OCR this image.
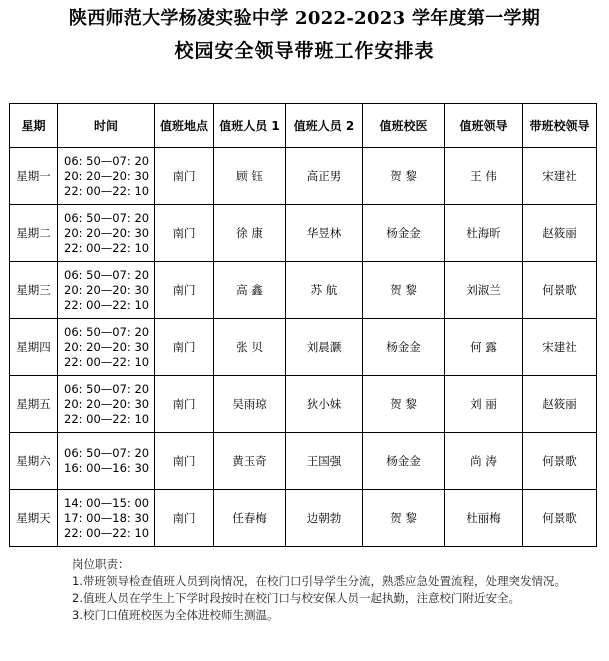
陕西师范大学杨凌实验中学 2022-2023 学年度第一学期
校园安全领导带班工作安排表
星期	时间	值班地点	值班人员 1	值班人员 2	值班校医	值班领导	带班校领导
星期一	06: 50—07: 20
20: 20—20: 30
22: 00—22: 10	南门	顾 钰	高正男	贺 黎	王 伟	宋建社
星期二	06: 50—07: 20
20: 20—20: 30
22: 00—22: 10	南门	徐 康	华昱林	杨金金	杜海昕	赵筱丽
星期三	06: 50—07: 20
20: 20—20: 30
22: 00—22: 10	南门	高 鑫	苏 航	贺 黎	刘淑兰	何景歌
星期四	06: 50—07: 20
20: 20—20: 30
22: 00—22: 10	南门	张 贝	刘晨灏	杨金金	何 露	宋建社
星期五	06: 50—07: 20
20: 20—20: 30
22: 00—22: 10	南门	吴雨琼	狄小妹	贺 黎	刘 丽	赵筱丽
星期六	06: 50—07: 20
16: 00—16: 30	南门	黄玉奇	王国强	杨金金	尚 涛	何景歌
星期天	14: 00—15: 00
17: 00—18: 30
22: 00—22: 10	南门	任春梅	边朝勃	贺 黎	杜丽梅	何景歌
岗位职责：
1.带班领导检查值班人员到岗情况，在校门口引导学生分流，熟悉应急处置流程，处理突发情况。
2.值班人员在学生上下学时段按时在校门口与校安保人员一起执勤，注意校门附近安全。
3.校门口值班校医为全体进校师生测温。
